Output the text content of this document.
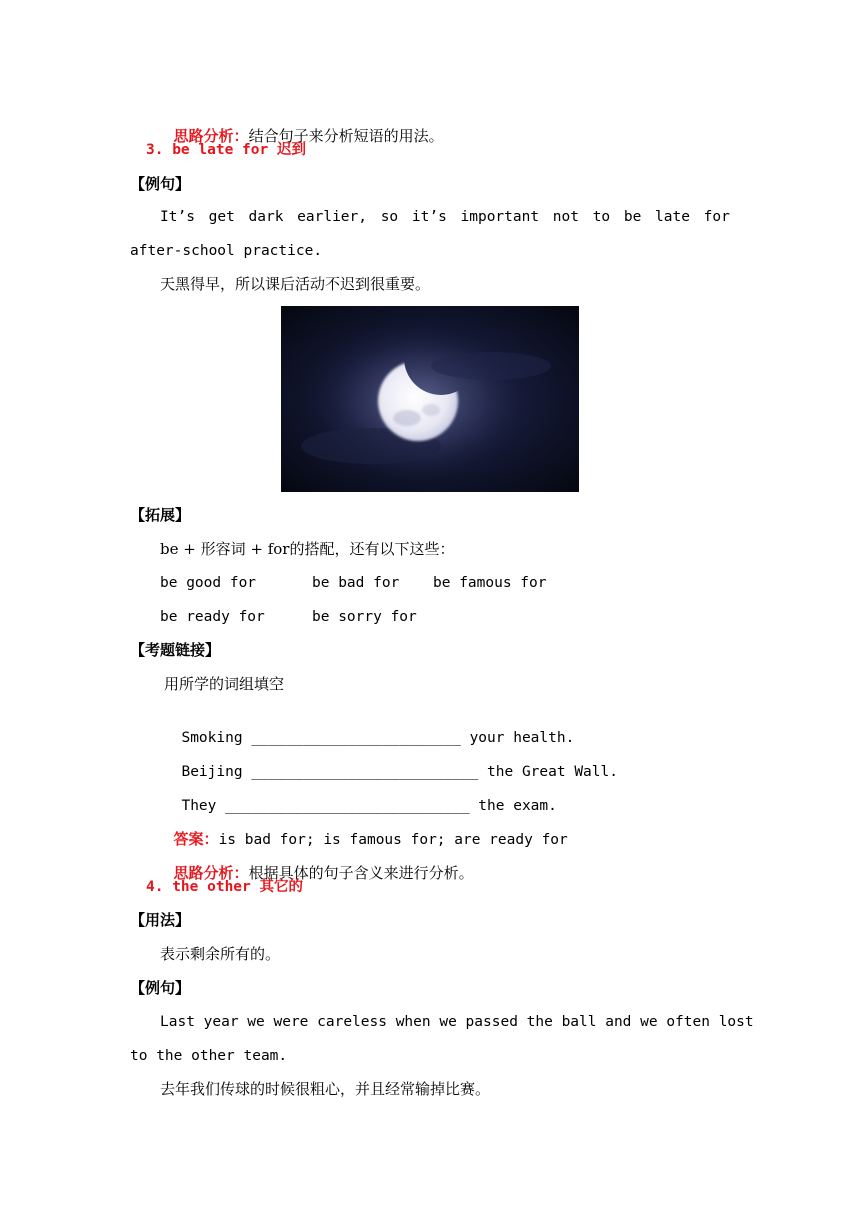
思路分析：结合句子来分析短语的用法。

3. be late for 迟到
【例句】
It’s get dark earlier, so it’s important not to be late for
after-school practice.
天黑得早，所以课后活动不迟到很重要。
【拓展】
be + 形容词 + for的搭配，还有以下这些：
be good for	be bad for be famous for
be ready for	be sorry for
【考题链接】
用所学的词组填空

Smoking ________________________ your health.

Beijing __________________________ the Great Wall.

They ____________________________ the exam.

答案：is bad for; is famous for; are ready for

思路分析：根据具体的句子含义来进行分析。

4. the other 其它的
【用法】
表示剩余所有的。
【例句】
Last year we were careless when we passed the ball and we often lost
to the other team.
去年我们传球的时候很粗心，并且经常输掉比赛。
